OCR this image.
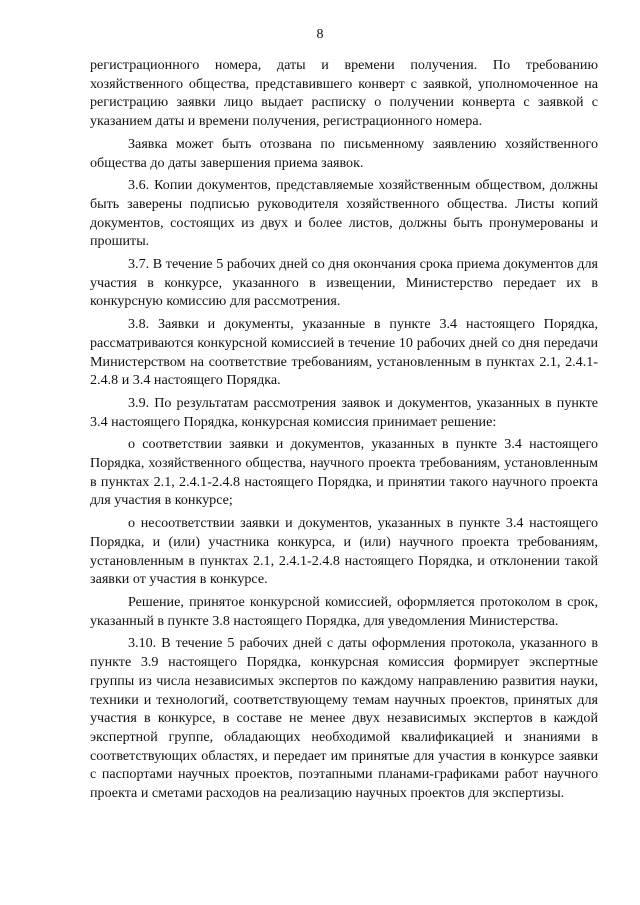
8

регистрационного номера, даты и времени получения. По требованию хозяйственного общества, представившего конверт с заявкой, уполномоченное на регистрацию заявки лицо выдает расписку о получении конверта с заявкой с указанием даты и времени получения, регистрационного номера.

Заявка может быть отозвана по письменному заявлению хозяйственного общества до даты завершения приема заявок.

3.6. Копии документов, представляемые хозяйственным обществом, должны быть заверены подписью руководителя хозяйственного общества. Листы копий документов, состоящих из двух и более листов, должны быть пронумерованы и прошиты.

3.7. В течение 5 рабочих дней со дня окончания срока приема документов для участия в конкурсе, указанного в извещении, Министерство передает их в конкурсную комиссию для рассмотрения.

3.8. Заявки и документы, указанные в пункте 3.4 настоящего Порядка, рассматриваются конкурсной комиссией в течение 10 рабочих дней со дня передачи Министерством на соответствие требованиям, установленным в пунктах 2.1, 2.4.1-2.4.8 и 3.4 настоящего Порядка.

3.9. По результатам рассмотрения заявок и документов, указанных в пункте 3.4 настоящего Порядка, конкурсная комиссия принимает решение:

о соответствии заявки и документов, указанных в пункте 3.4 настоящего Порядка, хозяйственного общества, научного проекта требованиям, установленным в пунктах 2.1, 2.4.1-2.4.8 настоящего Порядка, и принятии такого научного проекта для участия в конкурсе;

о несоответствии заявки и документов, указанных в пункте 3.4 настоящего Порядка, и (или) участника конкурса, и (или) научного проекта требованиям, установленным в пунктах 2.1, 2.4.1-2.4.8 настоящего Порядка, и отклонении такой заявки от участия в конкурсе.

Решение, принятое конкурсной комиссией, оформляется протоколом в срок, указанный в пункте 3.8 настоящего Порядка, для уведомления Министерства.

3.10. В течение 5 рабочих дней с даты оформления протокола, указанного в пункте 3.9 настоящего Порядка, конкурсная комиссия формирует экспертные группы из числа независимых экспертов по каждому направлению развития науки, техники и технологий, соответствующему темам научных проектов, принятых для участия в конкурсе, в составе не менее двух независимых экспертов в каждой экспертной группе, обладающих необходимой квалификацией и знаниями в соответствующих областях, и передает им принятые для участия в конкурсе заявки с паспортами научных проектов, поэтапными планами-графиками работ научного проекта и сметами расходов на реализацию научных проектов для экспертизы.
